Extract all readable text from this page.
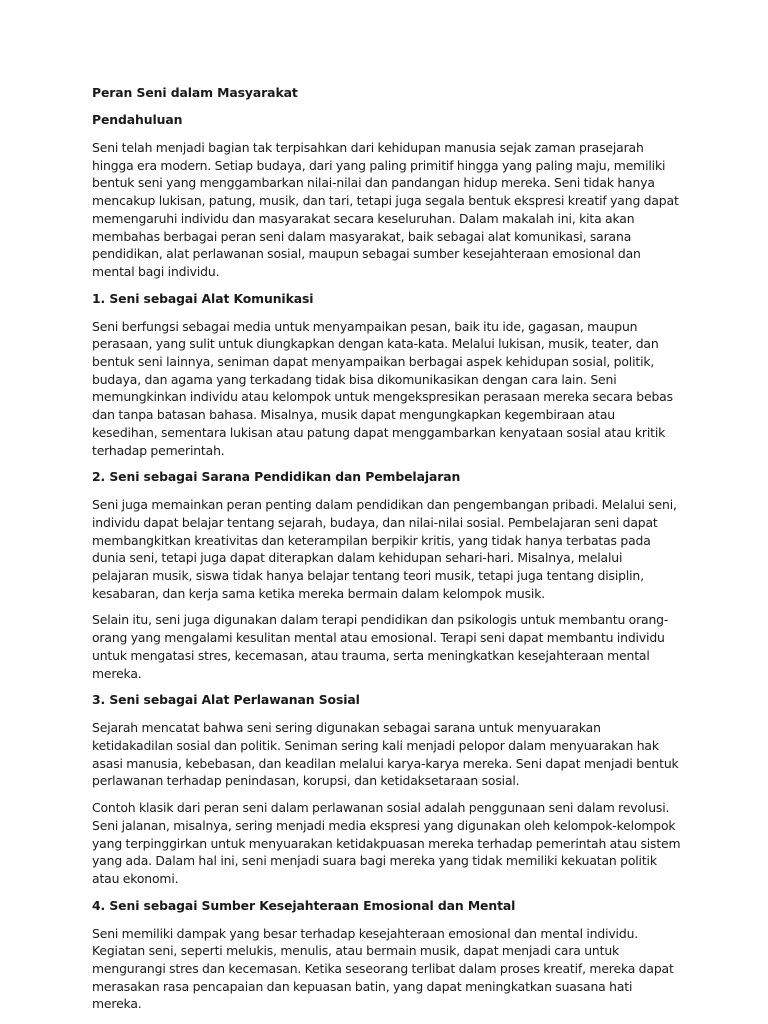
Peran Seni dalam Masyarakat
Pendahuluan

Seni telah menjadi bagian tak terpisahkan dari kehidupan manusia sejak zaman prasejarah hingga era modern. Setiap budaya, dari yang paling primitif hingga yang paling maju, memiliki bentuk seni yang menggambarkan nilai-nilai dan pandangan hidup mereka. Seni tidak hanya mencakup lukisan, patung, musik, dan tari, tetapi juga segala bentuk ekspresi kreatif yang dapat memengaruhi individu dan masyarakat secara keseluruhan. Dalam makalah ini, kita akan membahas berbagai peran seni dalam masyarakat, baik sebagai alat komunikasi, sarana pendidikan, alat perlawanan sosial, maupun sebagai sumber kesejahteraan emosional dan mental bagi individu.

1. Seni sebagai Alat Komunikasi

Seni berfungsi sebagai media untuk menyampaikan pesan, baik itu ide, gagasan, maupun perasaan, yang sulit untuk diungkapkan dengan kata-kata. Melalui lukisan, musik, teater, dan bentuk seni lainnya, seniman dapat menyampaikan berbagai aspek kehidupan sosial, politik, budaya, dan agama yang terkadang tidak bisa dikomunikasikan dengan cara lain. Seni memungkinkan individu atau kelompok untuk mengekspresikan perasaan mereka secara bebas dan tanpa batasan bahasa. Misalnya, musik dapat mengungkapkan kegembiraan atau kesedihan, sementara lukisan atau patung dapat menggambarkan kenyataan sosial atau kritik terhadap pemerintah.

2. Seni sebagai Sarana Pendidikan dan Pembelajaran

Seni juga memainkan peran penting dalam pendidikan dan pengembangan pribadi. Melalui seni, individu dapat belajar tentang sejarah, budaya, dan nilai-nilai sosial. Pembelajaran seni dapat membangkitkan kreativitas dan keterampilan berpikir kritis, yang tidak hanya terbatas pada dunia seni, tetapi juga dapat diterapkan dalam kehidupan sehari-hari. Misalnya, melalui pelajaran musik, siswa tidak hanya belajar tentang teori musik, tetapi juga tentang disiplin, kesabaran, dan kerja sama ketika mereka bermain dalam kelompok musik.

Selain itu, seni juga digunakan dalam terapi pendidikan dan psikologis untuk membantu orang-orang yang mengalami kesulitan mental atau emosional. Terapi seni dapat membantu individu untuk mengatasi stres, kecemasan, atau trauma, serta meningkatkan kesejahteraan mental mereka.

3. Seni sebagai Alat Perlawanan Sosial

Sejarah mencatat bahwa seni sering digunakan sebagai sarana untuk menyuarakan ketidakadilan sosial dan politik. Seniman sering kali menjadi pelopor dalam menyuarakan hak asasi manusia, kebebasan, dan keadilan melalui karya-karya mereka. Seni dapat menjadi bentuk perlawanan terhadap penindasan, korupsi, dan ketidaksetaraan sosial.

Contoh klasik dari peran seni dalam perlawanan sosial adalah penggunaan seni dalam revolusi. Seni jalanan, misalnya, sering menjadi media ekspresi yang digunakan oleh kelompok-kelompok yang terpinggirkan untuk menyuarakan ketidakpuasan mereka terhadap pemerintah atau sistem yang ada. Dalam hal ini, seni menjadi suara bagi mereka yang tidak memiliki kekuatan politik atau ekonomi.

4. Seni sebagai Sumber Kesejahteraan Emosional dan Mental

Seni memiliki dampak yang besar terhadap kesejahteraan emosional dan mental individu. Kegiatan seni, seperti melukis, menulis, atau bermain musik, dapat menjadi cara untuk mengurangi stres dan kecemasan. Ketika seseorang terlibat dalam proses kreatif, mereka dapat merasakan rasa pencapaian dan kepuasan batin, yang dapat meningkatkan suasana hati mereka.
